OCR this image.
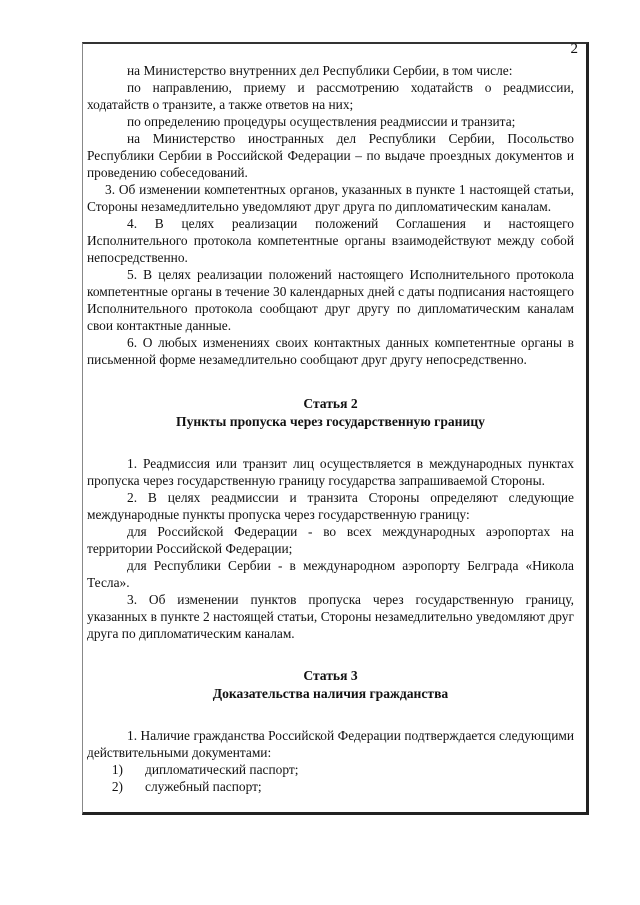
2

на Министерство внутренних дел Республики Сербии, в том числе:

по направлению, приему и рассмотрению ходатайств о реадмиссии, ходатайств о транзите, а также ответов на них;

по определению процедуры осуществления реадмиссии и транзита;

на Министерство иностранных дел Республики Сербии, Посольство Республики Сербии в Российской Федерации – по выдаче проездных документов и проведению собеседований.

3. Об изменении компетентных органов, указанных в пункте 1 настоящей статьи, Стороны незамедлительно уведомляют друг друга по дипломатическим каналам.

4. В целях реализации положений Соглашения и настоящего Исполнительного протокола компетентные органы взаимодействуют между собой непосредственно.

5. В целях реализации положений настоящего Исполнительного протокола компетентные органы в течение 30 календарных дней с даты подписания настоящего Исполнительного протокола сообщают друг другу по дипломатическим каналам свои контактные данные.

6. О любых изменениях своих контактных данных компетентные органы в письменной форме незамедлительно сообщают друг другу непосредственно.

Статья 2

Пункты пропуска через государственную границу

1. Реадмиссия или транзит лиц осуществляется в международных пунктах пропуска через государственную границу государства запрашиваемой Стороны.

2. В целях реадмиссии и транзита Стороны определяют следующие международные пункты пропуска через государственную границу:

для Российской Федерации - во всех международных аэропортах на территории Российской Федерации;

для Республики Сербии - в международном аэропорту Белграда «Никола Тесла».

3. Об изменении пунктов пропуска через государственную границу, указанных в пункте 2 настоящей статьи, Стороны незамедлительно уведомляют друг друга по дипломатическим каналам.

Статья 3

Доказательства наличия гражданства

1. Наличие гражданства Российской Федерации подтверждается следующими действительными документами:

1)	дипломатический паспорт;
2)	служебный паспорт;
